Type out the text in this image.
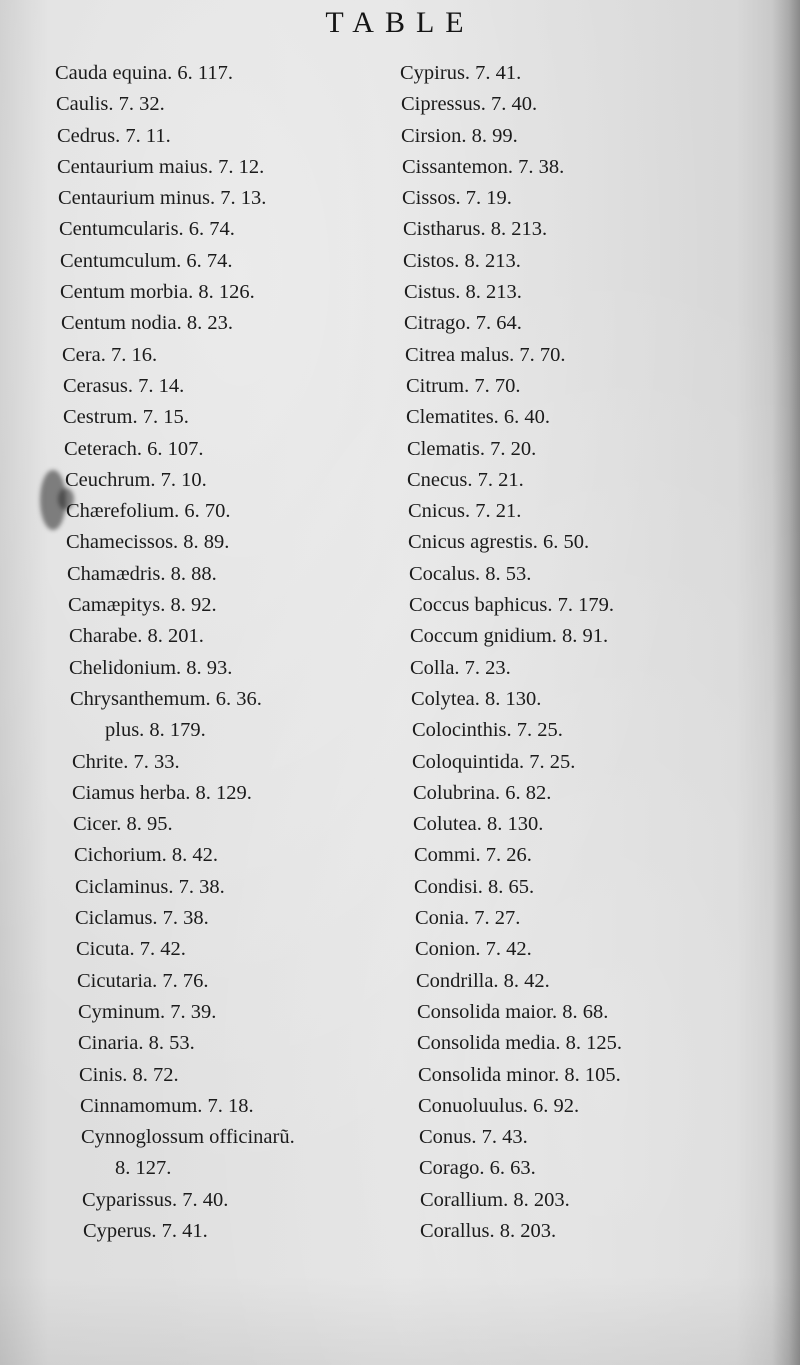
TABLE
Cauda equina. 6. 117.
Caulis. 7. 32.
Cedrus. 7. 11.
Centaurium maius. 7. 12.
Centaurium minus. 7. 13.
Centumcularis. 6. 74.
Centumculum. 6. 74.
Centum morbia. 8. 126.
Centum nodia. 8. 23.
Cera. 7. 16.
Cerasus. 7. 14.
Cestrum. 7. 15.
Ceterach. 6. 107.
Ceuchrum. 7. 10.
Chærefolium. 6. 70.
Chamecissos. 8. 89.
Chamædris. 8. 88.
Camæpitys. 8. 92.
Charabe. 8. 201.
Chelidonium. 8. 93.
Chrysanthemum. 6. 36.
plus. 8. 179.
Chrite. 7. 33.
Ciamus herba. 8. 129.
Cicer. 8. 95.
Cichorium. 8. 42.
Ciclaminus. 7. 38.
Ciclamus. 7. 38.
Cicuta. 7. 42.
Cicutaria. 7. 76.
Cyminum. 7. 39.
Cinaria. 8. 53.
Cinis. 8. 72.
Cinnamomum. 7. 18.
Cynnoglossum officinarũ.
8. 127.
Cyparissus. 7. 40.
Cyperus. 7. 41.
Cypirus. 7. 41.
Cipressus. 7. 40.
Cirsion. 8. 99.
Cissantemon. 7. 38.
Cissos. 7. 19.
Cistharus. 8. 213.
Cistos. 8. 213.
Cistus. 8. 213.
Citrago. 7. 64.
Citrea malus. 7. 70.
Citrum. 7. 70.
Clematites. 6. 40.
Clematis. 7. 20.
Cnecus. 7. 21.
Cnicus. 7. 21.
Cnicus agrestis. 6. 50.
Cocalus. 8. 53.
Coccus baphicus. 7. 179.
Coccum gnidium. 8. 91.
Colla. 7. 23.
Colytea. 8. 130.
Colocinthis. 7. 25.
Coloquintida. 7. 25.
Colubrina. 6. 82.
Colutea. 8. 130.
Commi. 7. 26.
Condisi. 8. 65.
Conia. 7. 27.
Conion. 7. 42.
Condrilla. 8. 42.
Consolida maior. 8. 68.
Consolida media. 8. 125.
Consolida minor. 8. 105.
Conuoluulus. 6. 92.
Conus. 7. 43.
Corago. 6. 63.
Corallium. 8. 203.
Corallus. 8. 203.
